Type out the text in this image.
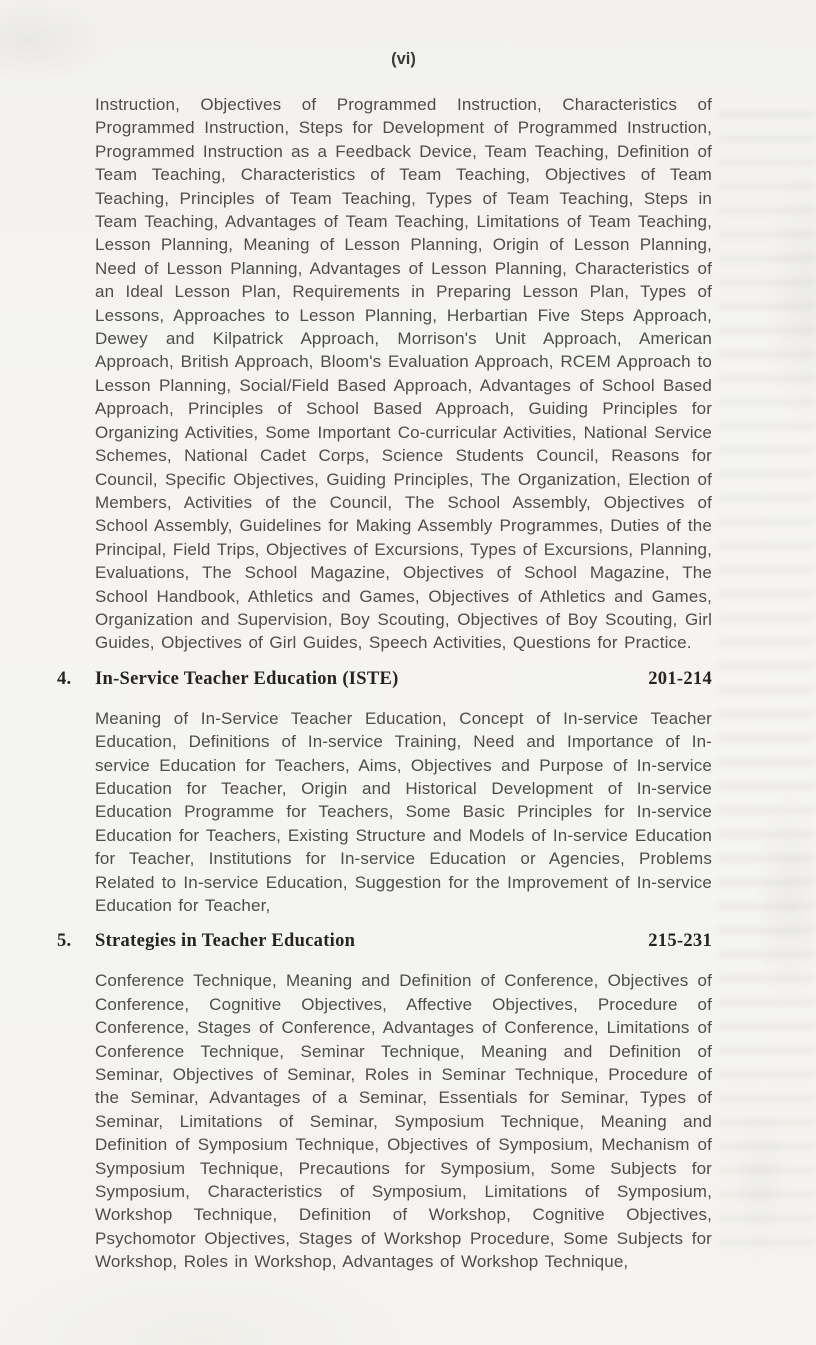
(vi)

Instruction, Objectives of Programmed Instruction, Characteristics of Programmed Instruction, Steps for Development of Programmed Instruction, Programmed Instruction as a Feedback Device, Team Teaching, Definition of Team Teaching, Characteristics of Team Teaching, Objectives of Team Teaching, Principles of Team Teaching, Types of Team Teaching, Steps in Team Teaching, Advantages of Team Teaching, Limitations of Team Teaching, Lesson Planning, Meaning of Lesson Planning, Origin of Lesson Planning, Need of Lesson Planning, Advantages of Lesson Planning, Characteristics of an Ideal Lesson Plan, Requirements in Preparing Lesson Plan, Types of Lessons, Approaches to Lesson Planning, Herbartian Five Steps Approach, Dewey and Kilpatrick Approach, Morrison's Unit Approach, American Approach, British Approach, Bloom's Evaluation Approach, RCEM Approach to Lesson Planning, Social/Field Based Approach, Advantages of School Based Approach, Principles of School Based Approach, Guiding Principles for Organizing Activities, Some Important Co-curricular Activities, National Service Schemes, National Cadet Corps, Science Students Council, Reasons for Council, Specific Objectives, Guiding Principles, The Organization, Election of Members, Activities of the Council, The School Assembly, Objectives of School Assembly, Guidelines for Making Assembly Programmes, Duties of the Principal, Field Trips, Objectives of Excursions, Types of Excursions, Planning, Evaluations, The School Magazine, Objectives of School Magazine, The School Handbook, Athletics and Games, Objectives of Athletics and Games, Organization and Supervision, Boy Scouting, Objectives of Boy Scouting, Girl Guides, Objectives of Girl Guides, Speech Activities, Questions for Practice.

4.	In-Service Teacher Education (ISTE)	201-214

Meaning of In-Service Teacher Education, Concept of In-service Teacher Education, Definitions of In-service Training, Need and Importance of In-service Education for Teachers, Aims, Objectives and Purpose of In-service Education for Teacher, Origin and Historical Development of In-service Education Programme for Teachers, Some Basic Principles for In-service Education for Teachers, Existing Structure and Models of In-service Education for Teacher, Institutions for In-service Education or Agencies, Problems Related to In-service Education, Suggestion for the Improvement of In-service Education for Teacher,

5.	Strategies in Teacher Education	215-231

Conference Technique, Meaning and Definition of Conference, Objectives of Conference, Cognitive Objectives, Affective Objectives, Procedure of Conference, Stages of Conference, Advantages of Conference, Limitations of Conference Technique, Seminar Technique, Meaning and Definition of Seminar, Objectives of Seminar, Roles in Seminar Technique, Procedure of the Seminar, Advantages of a Seminar, Essentials for Seminar, Types of Seminar, Limitations of Seminar, Symposium Technique, Meaning and Definition of Symposium Technique, Objectives of Symposium, Mechanism of Symposium Technique, Precautions for Symposium, Some Subjects for Symposium, Characteristics of Symposium, Limitations of Symposium, Workshop Technique, Definition of Workshop, Cognitive Objectives, Psychomotor Objectives, Stages of Workshop Procedure, Some Subjects for Workshop, Roles in Workshop, Advantages of Workshop Technique,
